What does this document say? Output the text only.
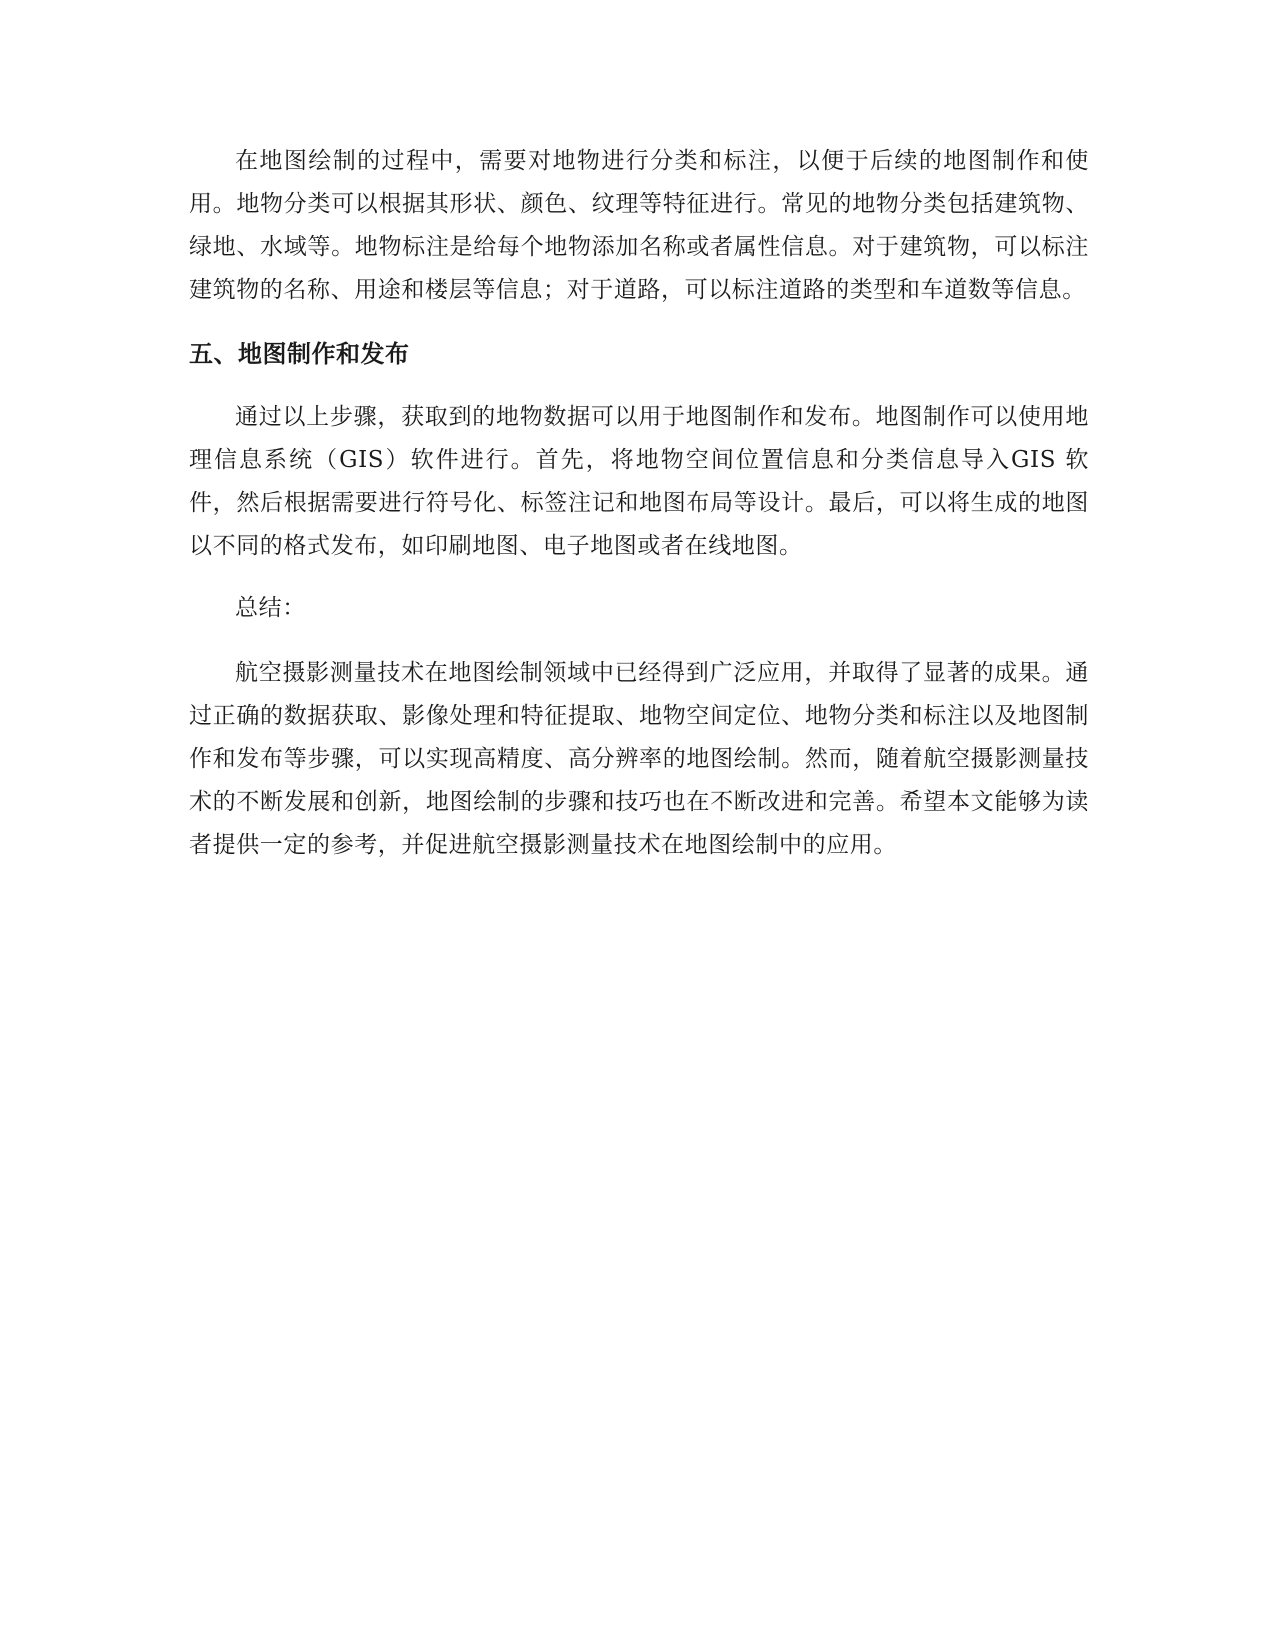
在地图绘制的过程中，需要对地物进行分类和标注，以便于后续的地图制作和使用。地物分类可以根据其形状、颜色、纹理等特征进行。常见的地物分类包括建筑物、绿地、水域等。地物标注是给每个地物添加名称或者属性信息。对于建筑物，可以标注建筑物的名称、用途和楼层等信息；对于道路，可以标注道路的类型和车道数等信息。

五、地图制作和发布

通过以上步骤，获取到的地物数据可以用于地图制作和发布。地图制作可以使用地理信息系统（GIS）软件进行。首先，将地物空间位置信息和分类信息导入GIS 软件，然后根据需要进行符号化、标签注记和地图布局等设计。最后，可以将生成的地图以不同的格式发布，如印刷地图、电子地图或者在线地图。

总结：

航空摄影测量技术在地图绘制领域中已经得到广泛应用，并取得了显著的成果。通过正确的数据获取、影像处理和特征提取、地物空间定位、地物分类和标注以及地图制作和发布等步骤，可以实现高精度、高分辨率的地图绘制。然而，随着航空摄影测量技术的不断发展和创新，地图绘制的步骤和技巧也在不断改进和完善。希望本文能够为读者提供一定的参考，并促进航空摄影测量技术在地图绘制中的应用。
